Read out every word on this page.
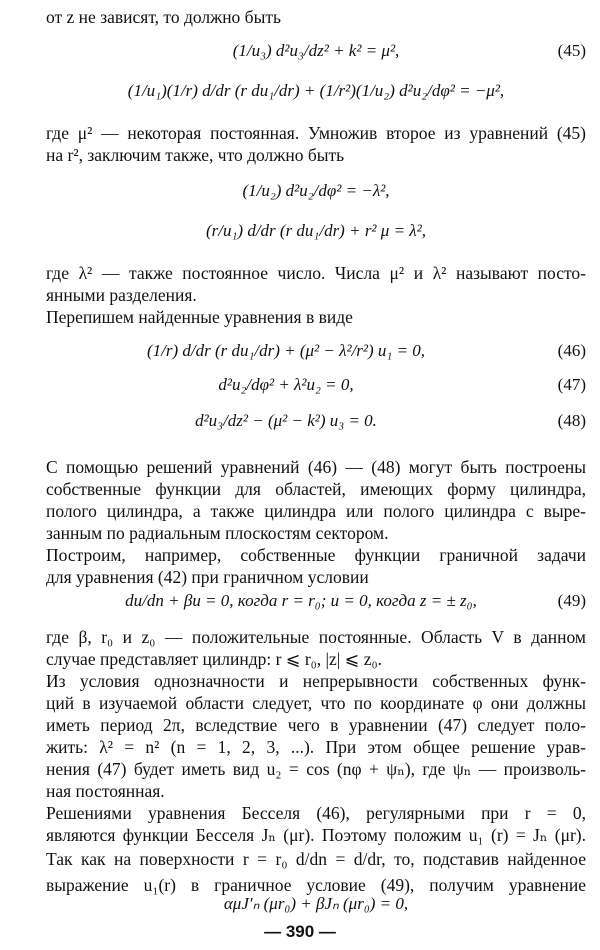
от z не зависят, то должно быть
(1/u₃) d²u₃/dz² + k² = μ²,	(45)
(1/u₁)(1/r) d/dr (r du₁/dr) + (1/r²)(1/u₂) d²u₂/dφ² = −μ²,
где μ² — некоторая постоянная. Умножив второе из уравнений (45)
на r², заключим также, что должно быть
(1/u₂) d²u₂/dφ² = −λ²,
(r/u₁) d/dr (r du₁/dr) + r² μ = λ²,
где λ² — также постоянное число. Числа μ² и λ² называют посто-
янными разделения.
Перепишем найденные уравнения в виде
(1/r) d/dr (r du₁/dr) + (μ² − λ²/r²) u₁ = 0,	(46)
d²u₂/dφ² + λ²u₂ = 0,	(47)
d²u₃/dz² − (μ² − k²) u₃ = 0.	(48)
С помощью решений уравнений (46) — (48) могут быть построены
собственные функции для областей, имеющих форму цилиндра,
полого цилиндра, а также цилиндра или полого цилиндра с выре-
занным по радиальным плоскостям сектором.
Построим, например, собственные функции граничной задачи
для уравнения (42) при граничном условии
du/dn + βu = 0, когда r = r₀; u = 0, когда z = ± z₀,	(49)
где β, r₀ и z₀ — положительные постоянные. Область V в данном
случае представляет цилиндр: r ⩽ r₀, |z| ⩽ z₀.
Из условия однозначности и непрерывности собственных функ-
ций в изучаемой области следует, что по координате φ они должны
иметь период 2π, вследствие чего в уравнении (47) следует поло-
жить: λ² = n² (n = 1, 2, 3, ...). При этом общее решение урав-
нения (47) будет иметь вид u₂ = cos (nφ + ψₙ), где ψₙ — произволь-
ная постоянная.
Решениями уравнения Бесселя (46), регулярными при r = 0,
являются функции Бесселя Jₙ (μr). Поэтому положим u₁ (r) = Jₙ (μr).
Так как на поверхности r = r₀ d/dn = d/dr, то, подставив найденное
выражение u₁(r) в граничное условие (49), получим уравнение
αμJ′ₙ (μr₀) + βJₙ (μr₀) = 0,
— 390 —
